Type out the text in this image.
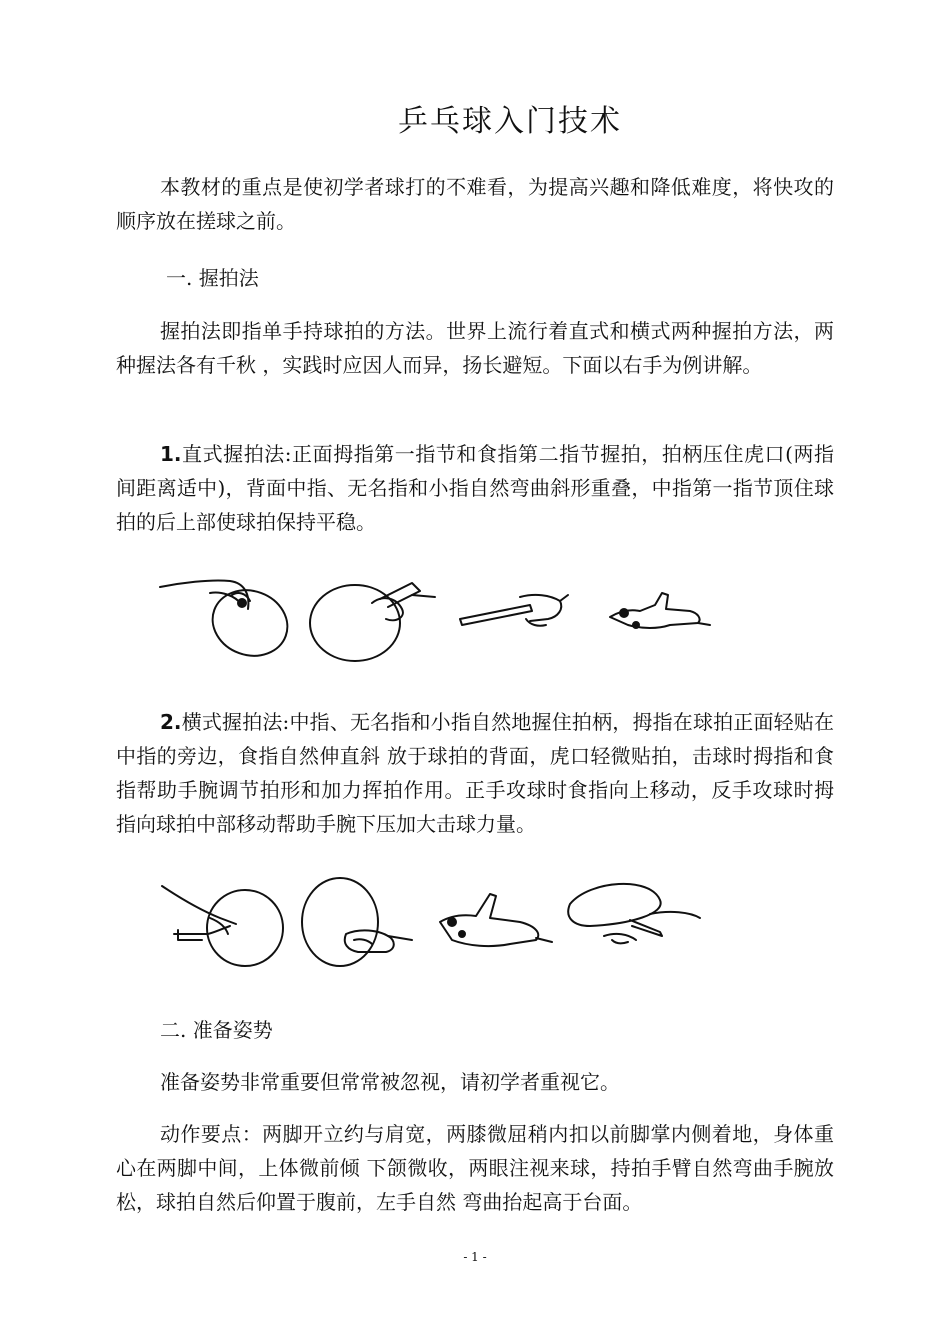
乒乓球入门技术

本教材的重点是使初学者球打的不难看，为提高兴趣和降低难度，将快攻的顺序放在搓球之前。

一. 握拍法

握拍法即指单手持球拍的方法。世界上流行着直式和横式两种握拍方法，两种握法各有千秋 ，实践时应因人而异，扬长避短。下面以右手为例讲解。

1.直式握拍法:正面拇指第一指节和食指第二指节握拍，拍柄压住虎口(两指间距离适中)，背面中指、无名指和小指自然弯曲斜形重叠，中指第一指节顶住球拍的后上部使球拍保持平稳。

2.横式握拍法:中指、无名指和小指自然地握住拍柄，拇指在球拍正面轻贴在中指的旁边，食指自然伸直斜 放于球拍的背面，虎口轻微贴拍，击球时拇指和食指帮助手腕调节拍形和加力挥拍作用。正手攻球时食指向上移动，反手攻球时拇指向球拍中部移动帮助手腕下压加大击球力量。

二. 准备姿势

准备姿势非常重要但常常被忽视，请初学者重视它。

动作要点：两脚开立约与肩宽，两膝微屈稍内扣以前脚掌内侧着地，身体重心在两脚中间，上体微前倾 下颌微收，两眼注视来球，持拍手臂自然弯曲手腕放松，球拍自然后仰置于腹前，左手自然 弯曲抬起高于台面。

- 1 -
